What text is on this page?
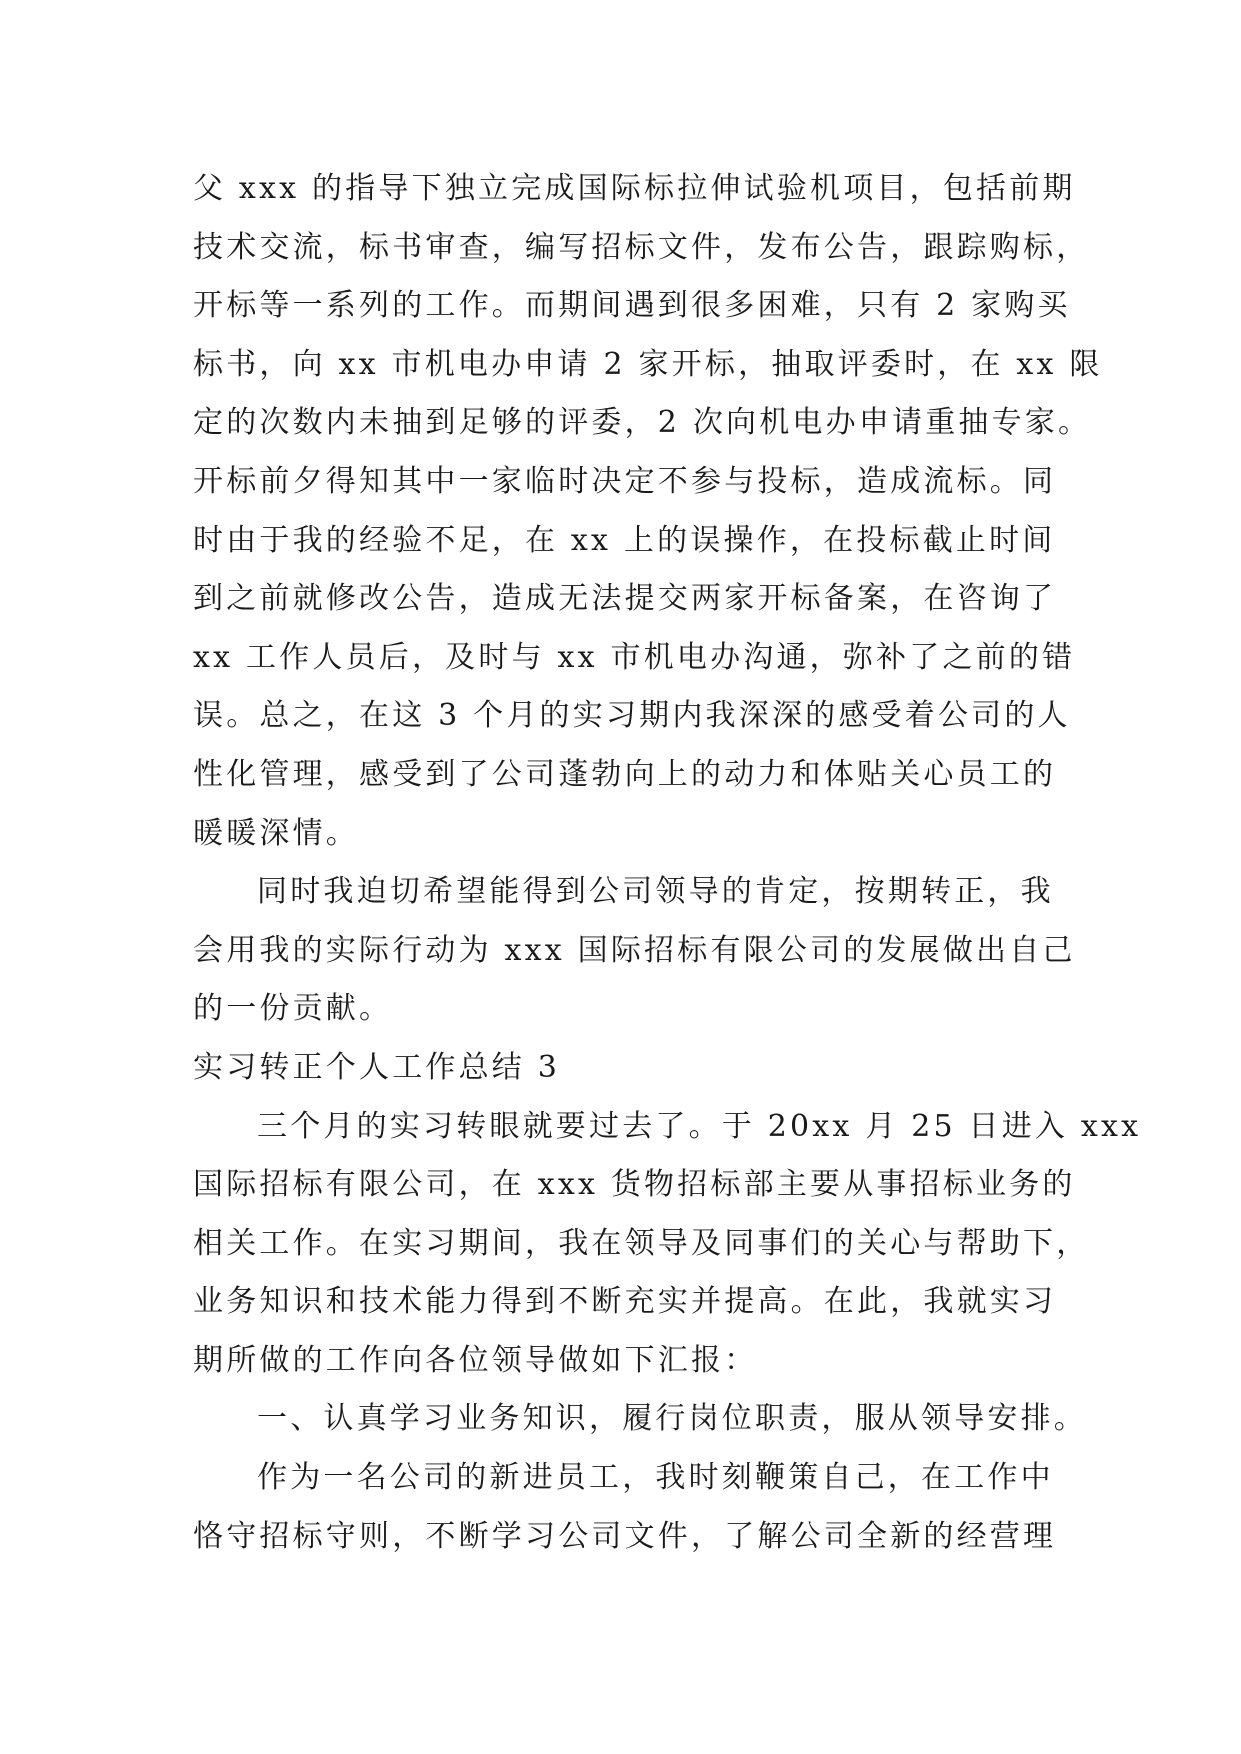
父 xxx 的指导下独立完成国际标拉伸试验机项目，包括前期
技术交流，标书审查，编写招标文件，发布公告，跟踪购标，
开标等一系列的工作。而期间遇到很多困难，只有 2 家购买
标书，向 xx 市机电办申请 2 家开标，抽取评委时，在 xx 限
定的次数内未抽到足够的评委，2 次向机电办申请重抽专家。
开标前夕得知其中一家临时决定不参与投标，造成流标。同
时由于我的经验不足，在 xx 上的误操作，在投标截止时间
到之前就修改公告，造成无法提交两家开标备案，在咨询了
xx 工作人员后，及时与 xx 市机电办沟通，弥补了之前的错
误。总之，在这 3 个月的实习期内我深深的感受着公司的人
性化管理，感受到了公司蓬勃向上的动力和体贴关心员工的
暖暖深情。
同时我迫切希望能得到公司领导的肯定，按期转正，我
会用我的实际行动为 xxx 国际招标有限公司的发展做出自己
的一份贡献。
实习转正个人工作总结 3
三个月的实习转眼就要过去了。于 20xx 月 25 日进入 xxx
国际招标有限公司，在 xxx 货物招标部主要从事招标业务的
相关工作。在实习期间，我在领导及同事们的关心与帮助下，
业务知识和技术能力得到不断充实并提高。在此，我就实习
期所做的工作向各位领导做如下汇报：
一、认真学习业务知识，履行岗位职责，服从领导安排。
作为一名公司的新进员工，我时刻鞭策自己，在工作中
恪守招标守则，不断学习公司文件，了解公司全新的经营理
